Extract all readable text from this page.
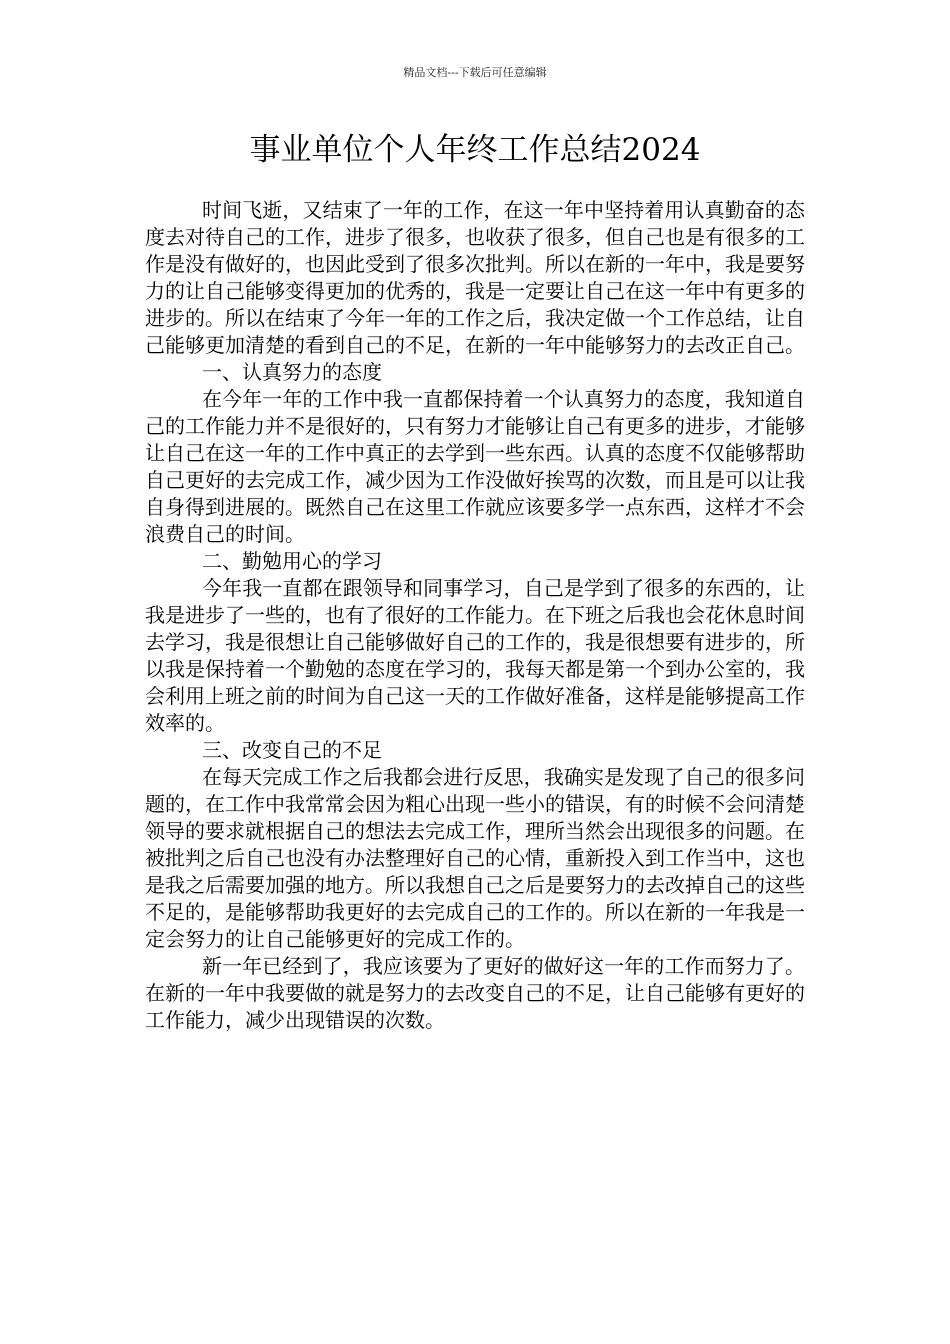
精品文档---下载后可任意编辑
事业单位个人年终工作总结2024

时间飞逝，又结束了一年的工作，在这一年中坚持着用认真勤奋的态度去对待自己的工作，进步了很多，也收获了很多，但自己也是有很多的工作是没有做好的，也因此受到了很多次批判。所以在新的一年中，我是要努力的让自己能够变得更加的优秀的，我是一定要让自己在这一年中有更多的进步的。所以在结束了今年一年的工作之后，我决定做一个工作总结，让自己能够更加清楚的看到自己的不足，在新的一年中能够努力的去改正自己。

一、认真努力的态度

在今年一年的工作中我一直都保持着一个认真努力的态度，我知道自己的工作能力并不是很好的，只有努力才能够让自己有更多的进步，才能够让自己在这一年的工作中真正的去学到一些东西。认真的态度不仅能够帮助自己更好的去完成工作，减少因为工作没做好挨骂的次数，而且是可以让我自身得到进展的。既然自己在这里工作就应该要多学一点东西，这样才不会浪费自己的时间。

二、勤勉用心的学习

今年我一直都在跟领导和同事学习，自己是学到了很多的东西的，让我是进步了一些的，也有了很好的工作能力。在下班之后我也会花休息时间去学习，我是很想让自己能够做好自己的工作的，我是很想要有进步的，所以我是保持着一个勤勉的态度在学习的，我每天都是第一个到办公室的，我会利用上班之前的时间为自己这一天的工作做好准备，这样是能够提高工作效率的。

三、改变自己的不足

在每天完成工作之后我都会进行反思，我确实是发现了自己的很多问题的，在工作中我常常会因为粗心出现一些小的错误，有的时候不会问清楚领导的要求就根据自己的想法去完成工作，理所当然会出现很多的问题。在被批判之后自己也没有办法整理好自己的心情，重新投入到工作当中，这也是我之后需要加强的地方。所以我想自己之后是要努力的去改掉自己的这些不足的，是能够帮助我更好的去完成自己的工作的。所以在新的一年我是一定会努力的让自己能够更好的完成工作的。

新一年已经到了，我应该要为了更好的做好这一年的工作而努力了。在新的一年中我要做的就是努力的去改变自己的不足，让自己能够有更好的工作能力，减少出现错误的次数。
